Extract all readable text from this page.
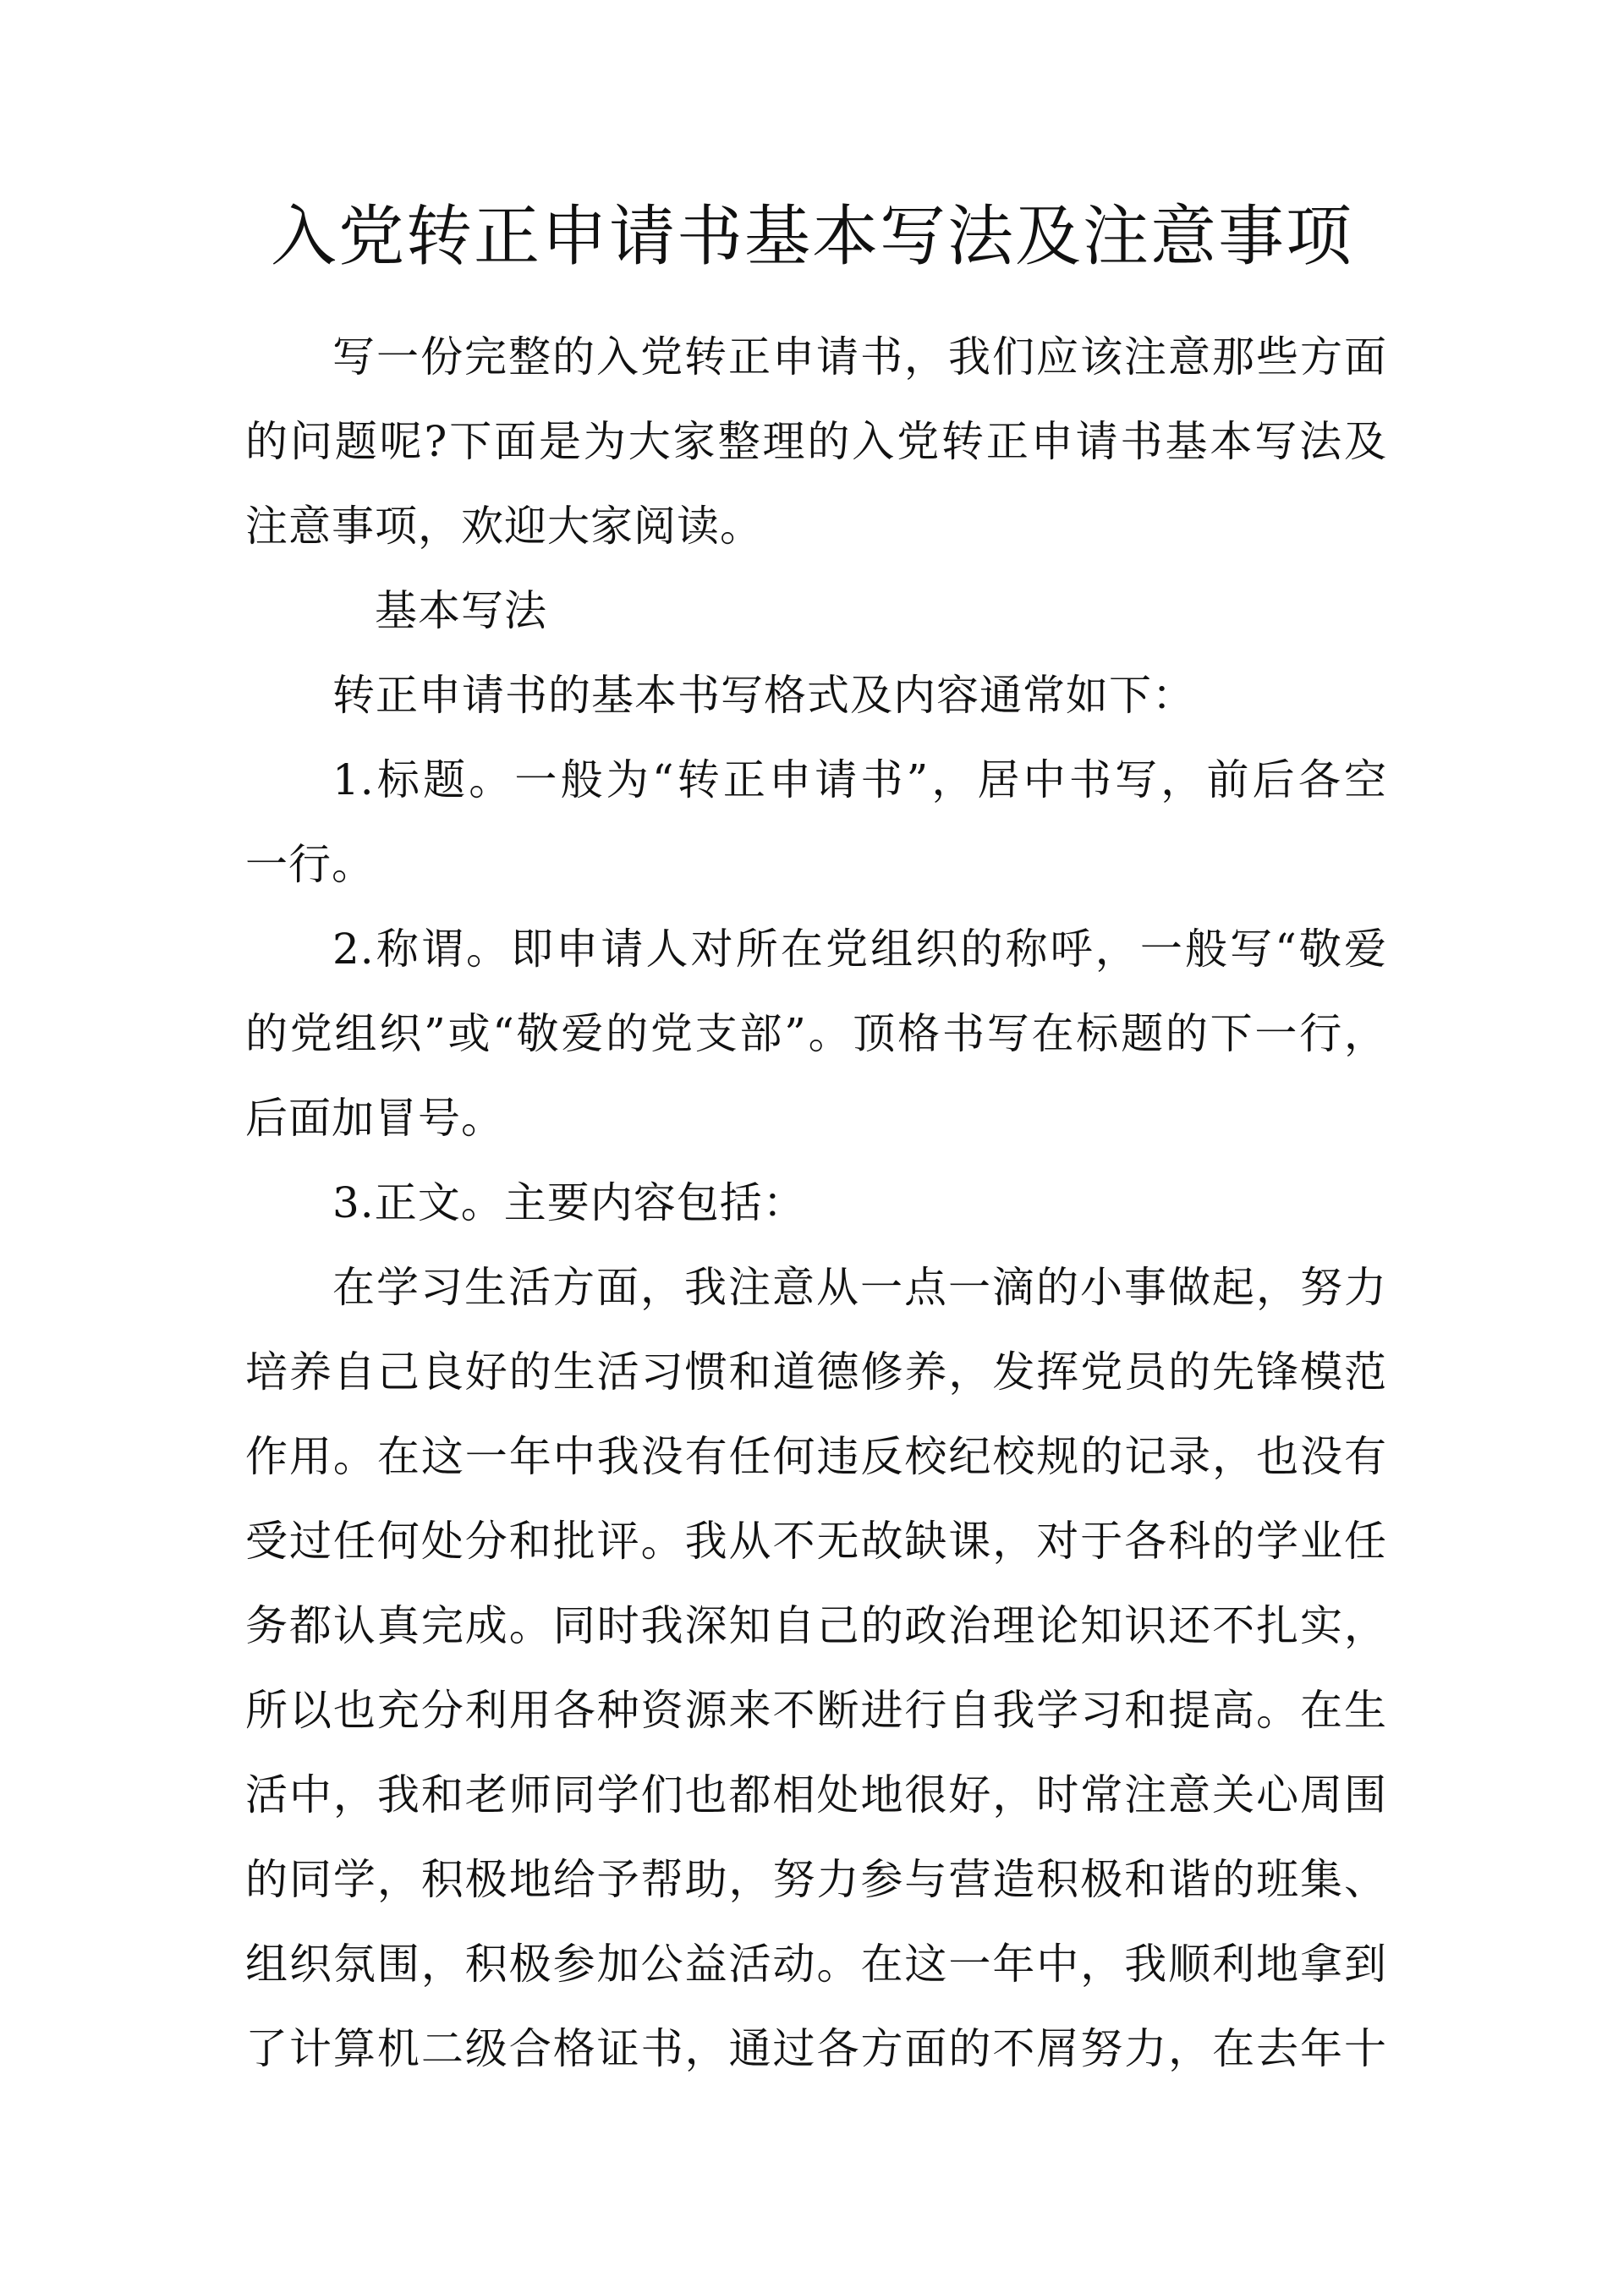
入党转正申请书基本写法及注意事项
写一份完整的入党转正申请书，我们应该注意那些方面
的问题呢?下面是为大家整理的入党转正申请书基本写法及
注意事项，欢迎大家阅读。
基本写法
转正申请书的基本书写格式及内容通常如下：
1.标题。一般为“转正申请书”，居中书写，前后各空
一行。
2.称谓。即申请人对所在党组织的称呼，一般写“敬爱
的党组织”或“敬爱的党支部”。顶格书写在标题的下一行，
后面加冒号。
3.正文。主要内容包括：
在学习生活方面，我注意从一点一滴的小事做起，努力
培养自己良好的生活习惯和道德修养，发挥党员的先锋模范
作用。在这一年中我没有任何违反校纪校规的记录，也没有
受过任何处分和批评。我从不无故缺课，对于各科的学业任
务都认真完成。同时我深知自己的政治理论知识还不扎实，
所以也充分利用各种资源来不断进行自我学习和提高。在生
活中，我和老师同学们也都相处地很好，时常注意关心周围
的同学，积极地给予帮助，努力参与营造积极和谐的班集、
组织氛围，积极参加公益活动。在这一年中，我顺利地拿到
了计算机二级合格证书，通过各方面的不屑努力，在去年十
